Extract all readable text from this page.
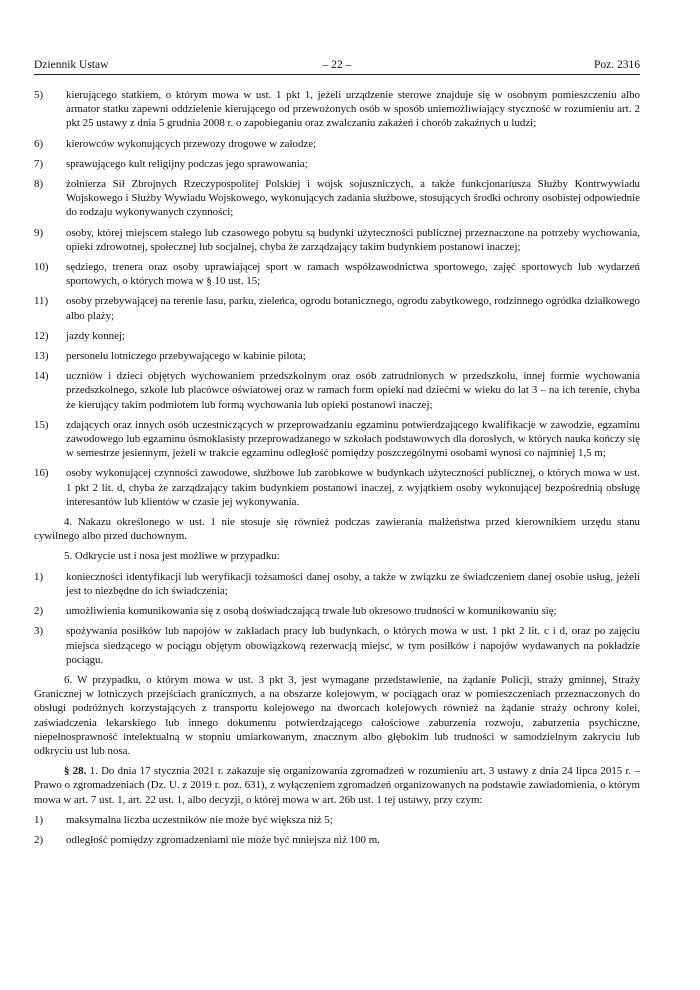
Dziennik Ustaw	– 22 –	Poz. 2316
5)	kierującego statkiem, o którym mowa w ust. 1 pkt 1, jeżeli urządzenie sterowe znajduje się w osobnym pomieszczeniu albo armator statku zapewni oddzielenie kierującego od przewożonych osób w sposób uniemożliwiający styczność w rozumieniu art. 2 pkt 25 ustawy z dnia 5 grudnia 2008 r. o zapobieganiu oraz zwalczaniu zakażeń i chorób zakaźnych u ludzi;
6)	kierowców wykonujących przewozy drogowe w załodze;
7)	sprawującego kult religijny podczas jego sprawowania;
8)	żołnierza Sił Zbrojnych Rzeczypospolitej Polskiej i wojsk sojuszniczych, a także funkcjonariusza Służby Kontrwywiadu Wojskowego i Służby Wywiadu Wojskowego, wykonujących zadania służbowe, stosujących środki ochrony osobistej odpowiednie do rodzaju wykonywanych czynności;
9)	osoby, której miejscem stałego lub czasowego pobytu są budynki użyteczności publicznej przeznaczone na potrzeby wychowania, opieki zdrowotnej, społecznej lub socjalnej, chyba że zarządzający takim budynkiem postanowi inaczej;
10)	sędziego, trenera oraz osoby uprawiającej sport w ramach współzawodnictwa sportowego, zajęć sportowych lub wydarzeń sportowych, o których mowa w § 10 ust. 15;
11)	osoby przebywającej na terenie lasu, parku, zieleńca, ogrodu botanicznego, ogrodu zabytkowego, rodzinnego ogródka działkowego albo plaży;
12)	jazdy konnej;
13)	personelu lotniczego przebywającego w kabinie pilota;
14)	uczniów i dzieci objętych wychowaniem przedszkolnym oraz osób zatrudnionych w przedszkolu, innej formie wychowania przedszkolnego, szkole lub placówce oświatowej oraz w ramach form opieki nad dziećmi w wieku do lat 3 – na ich terenie, chyba że kierujący takim podmiotem lub formą wychowania lub opieki postanowi inaczej;
15)	zdających oraz innych osób uczestniczących w przeprowadzaniu egzaminu potwierdzającego kwalifikacje w zawodzie, egzaminu zawodowego lub egzaminu ósmoklasisty przeprowadzanego w szkołach podstawowych dla dorosłych, w których nauka kończy się w semestrze jesiennym, jeżeli w trakcie egzaminu odległość pomiędzy poszczególnymi osobami wynosi co najmniej 1,5 m;
16)	osoby wykonującej czynności zawodowe, służbowe lub zarobkowe w budynkach użyteczności publicznej, o których mowa w ust. 1 pkt 2 lit. d, chyba że zarządzający takim budynkiem postanowi inaczej, z wyjątkiem osoby wykonującej bezpośrednią obsługę interesantów lub klientów w czasie jej wykonywania.
4. Nakazu określonego w ust. 1 nie stosuje się również podczas zawierania małżeństwa przed kierownikiem urzędu stanu cywilnego albo przed duchownym.
5. Odkrycie ust i nosa jest możliwe w przypadku:
1)	konieczności identyfikacji lub weryfikacji tożsamości danej osoby, a także w związku ze świadczeniem danej osobie usług, jeżeli jest to niezbędne do ich świadczenia;
2)	umożliwienia komunikowania się z osobą doświadczającą trwale lub okresowo trudności w komunikowaniu się;
3)	spożywania posiłków lub napojów w zakładach pracy lub budynkach, o których mowa w ust. 1 pkt 2 lit. c i d, oraz po zajęciu miejsca siedzącego w pociągu objętym obowiązkową rezerwacją miejsc, w tym posiłków i napojów wydawanych na pokładzie pociągu.
6. W przypadku, o którym mowa w ust. 3 pkt 3, jest wymagane przedstawienie, na żądanie Policji, straży gminnej, Straży Granicznej w lotniczych przejściach granicznych, a na obszarze kolejowym, w pociągach oraz w pomieszczeniach przeznaczonych do obsługi podróżnych korzystających z transportu kolejowego na dworcach kolejowych również na żądanie straży ochrony kolei, zaświadczenia lekarskiego lub innego dokumentu potwierdzającego całościowe zaburzenia rozwoju, zaburzenia psychiczne, niepełnosprawność intelektualną w stopniu umiarkowanym, znacznym albo głębokim lub trudności w samodzielnym zakryciu lub odkryciu ust lub nosa.
§ 28. 1. Do dnia 17 stycznia 2021 r. zakazuje się organizowania zgromadzeń w rozumieniu art. 3 ustawy z dnia 24 lipca 2015 r. – Prawo o zgromadzeniach (Dz. U. z 2019 r. poz. 631), z wyłączeniem zgromadzeń organizowanych na podstawie zawiadomienia, o którym mowa w art. 7 ust. 1, art. 22 ust. 1, albo decyzji, o której mowa w art. 26b ust. 1 tej ustawy, przy czym:
1)	maksymalna liczba uczestników nie może być większa niż 5;
2)	odległość pomiędzy zgromadzeniami nie może być mniejsza niż 100 m.
